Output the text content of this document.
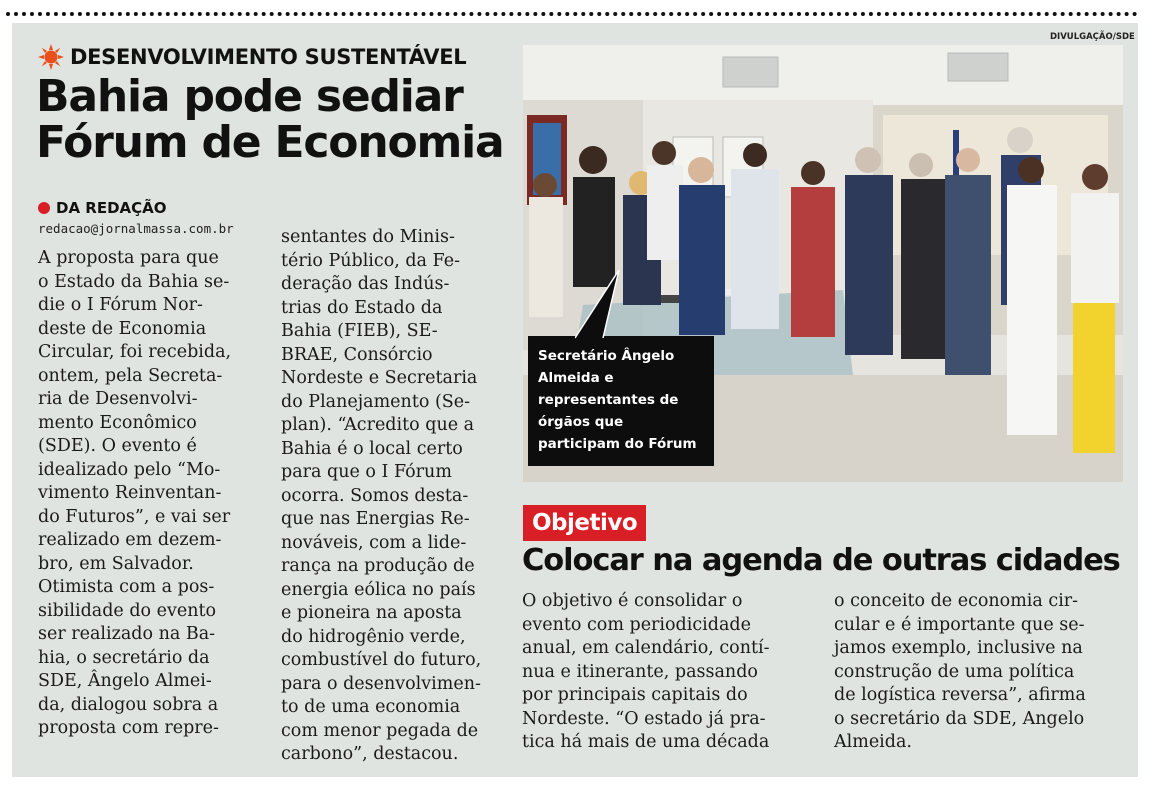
DESENVOLVIMENTO SUSTENTÁVEL
Bahia pode sediar
Fórum de Economia
DA REDAÇÃO
redacao@jornalmassa.com.br
A proposta para que
o Estado da Bahia se-
die o I Fórum Nor-
deste de Economia
Circular, foi recebida,
ontem, pela Secreta-
ria de Desenvolvi-
mento Econômico
(SDE). O evento é
idealizado pelo “Mo-
vimento Reinventan-
do Futuros”, e vai ser
realizado em dezem-
bro, em Salvador.
Otimista com a pos-
sibilidade do evento
ser realizado na Ba-
hia, o secretário da
SDE, Ângelo Almei-
da, dialogou sobra a
proposta com repre-
sentantes do Minis-
tério Público, da Fe-
deração das Indús-
trias do Estado da
Bahia (FIEB), SE-
BRAE, Consórcio
Nordeste e Secretaria
do Planejamento (Se-
plan). “Acredito que a
Bahia é o local certo
para que o I Fórum
ocorra. Somos desta-
que nas Energias Re-
nováveis, com a lide-
rança na produção de
energia eólica no país
e pioneira na aposta
do hidrogênio verde,
combustível do futuro,
para o desenvolvimen-
to de uma economia
com menor pegada de
carbono”, destacou.
DIVULGAÇÃO/SDE
Secretário Ângelo
Almeida e
representantes de
órgãos que
participam do Fórum
Objetivo
Colocar na agenda de outras cidades
O objetivo é consolidar o
evento com periodicidade
anual, em calendário, contí-
nua e itinerante, passando
por principais capitais do
Nordeste. “O estado já pra-
tica há mais de uma década
o conceito de economia cir-
cular e é importante que se-
jamos exemplo, inclusive na
construção de uma política
de logística reversa”, afirma
o secretário da SDE, Angelo
Almeida.
